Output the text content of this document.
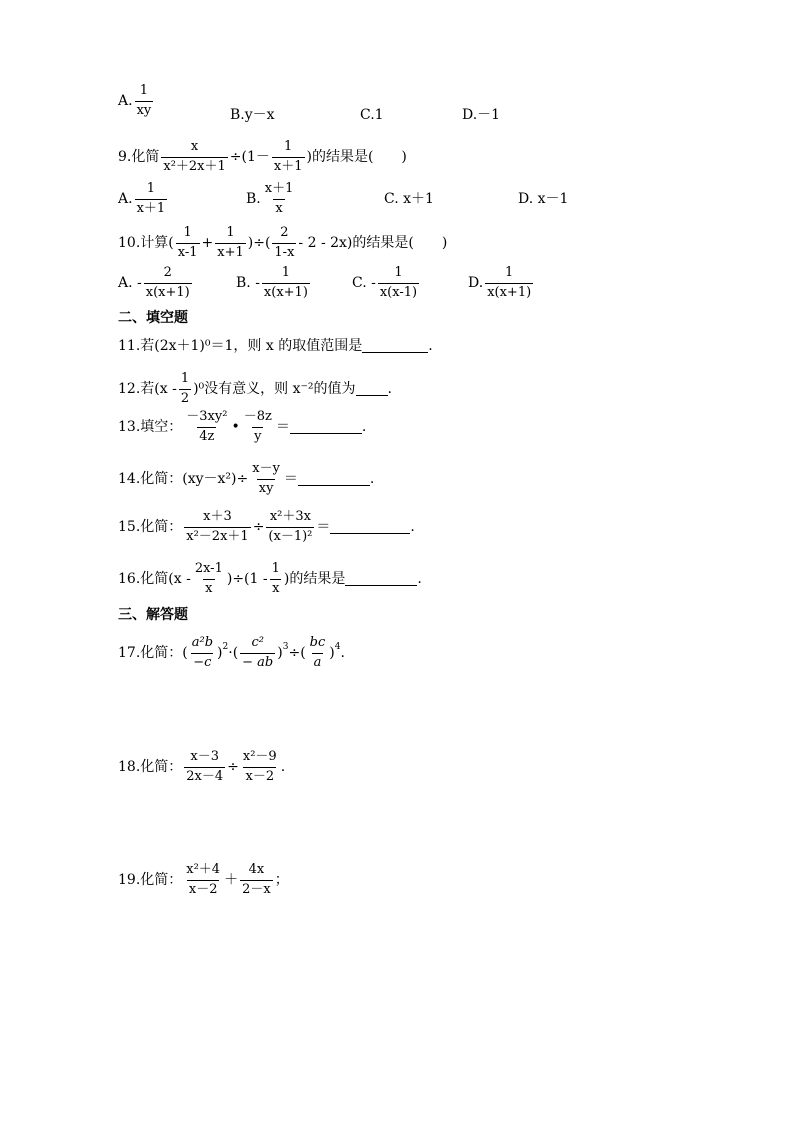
A. $\frac{1}{xy}$	B.y－x	C.1	D.－1
9.化简 $\frac{x}{\text{x²＋2x＋1}} \div(1- \frac{1}{x+1}$ )的结果是(　　)
A. $\frac{1}{x+1}$	B. $\frac{x+1}{x}$	C. x＋1	D. x－1
10.计算( $\frac{1}{x-1} + \frac{1}{x+1}$ )÷( $\frac{2}{1-x} - 2 - 2x$)的结果是(　　)
A. - $\frac{2}{x(x+1)}$	B. - $\frac{1}{x(x+1)}$	C. - $\frac{1}{x(x-1)}$	D. $\frac{1}{x(x+1)}$
二、填空题
11.若(2x＋1)⁰＝1，则 x 的取值范围是	.
12.若$(x - \frac{1}{2} )^0$没有意义，则 x⁻²的值为 .
13.填空： $\frac{\text{－3xy²}}{4z}$ • $\frac{-8z}{y}$ ＝	.
14.化简：$(xy-x^2)\div \frac{x-y}{xy}$ ＝	.
15.化简： $\frac{x+3}{\text{x²－2x＋1}} \div \frac{\text{x²＋3x}}{\text{(x－1)²}}$ ＝	.
16.化简$(x - \frac{2x-1}{x} )\div(1 - \frac{1}{x}$ )的结果是	.
三、解答题
17.化简： ( $\frac{\text{a²b}}{-c}$ ) 2 · ( $\frac{\text{c²}}{- ab}$ ) 3 ÷ ( $\frac{bc}{a}$ ) 4 .
18.化简： $\frac{x-3}{2x-4} \div \frac{\text{x²－9}}{x-2}$ .
19.化简： $\frac{\text{x²＋4}}{x-2} + \frac{4x}{2-x}$ ；
